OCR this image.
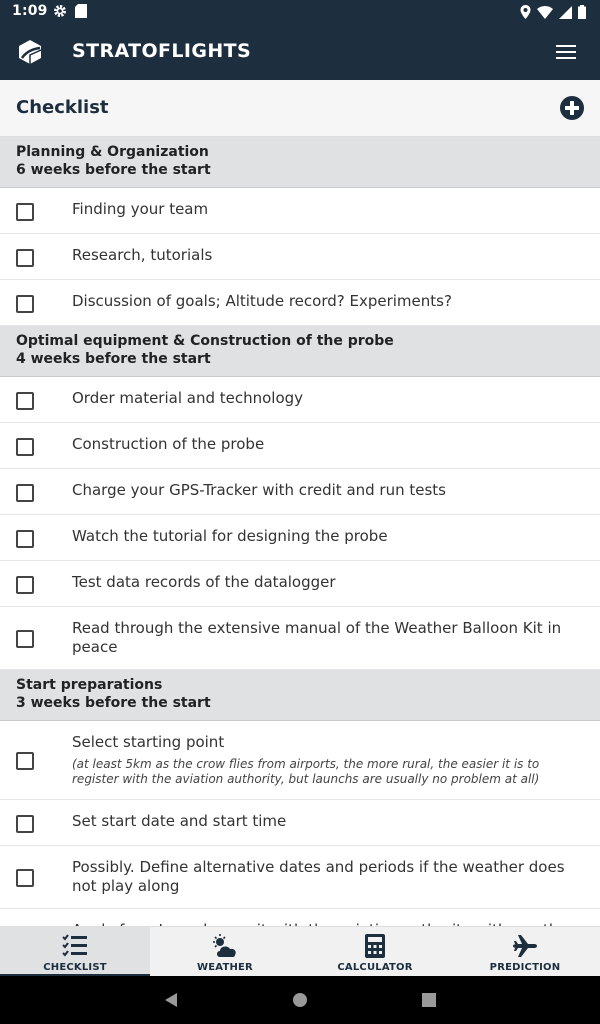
1:09
STRATOFLIGHTS
Checklist
Planning & Organization
6 weeks before the start
Finding your team
Research, tutorials
Discussion of goals; Altitude record? Experiments?
Optimal equipment & Construction of the probe
4 weeks before the start
Order material and technology
Construction of the probe
Charge your GPS-Tracker with credit and run tests
Watch the tutorial for designing the probe
Test data records of the datalogger
Read through the extensive manual of the Weather Balloon Kit in peace
Start preparations
3 weeks before the start
Select starting point
(at least 5km as the crow flies from airports, the more rural, the easier it is to register with the aviation authority, but launchs are usually no problem at all)
Set start date and start time
Possibly. Define alternative dates and periods if the weather does not play along
CHECKLIST	WEATHER	CALCULATOR	PREDICTION
